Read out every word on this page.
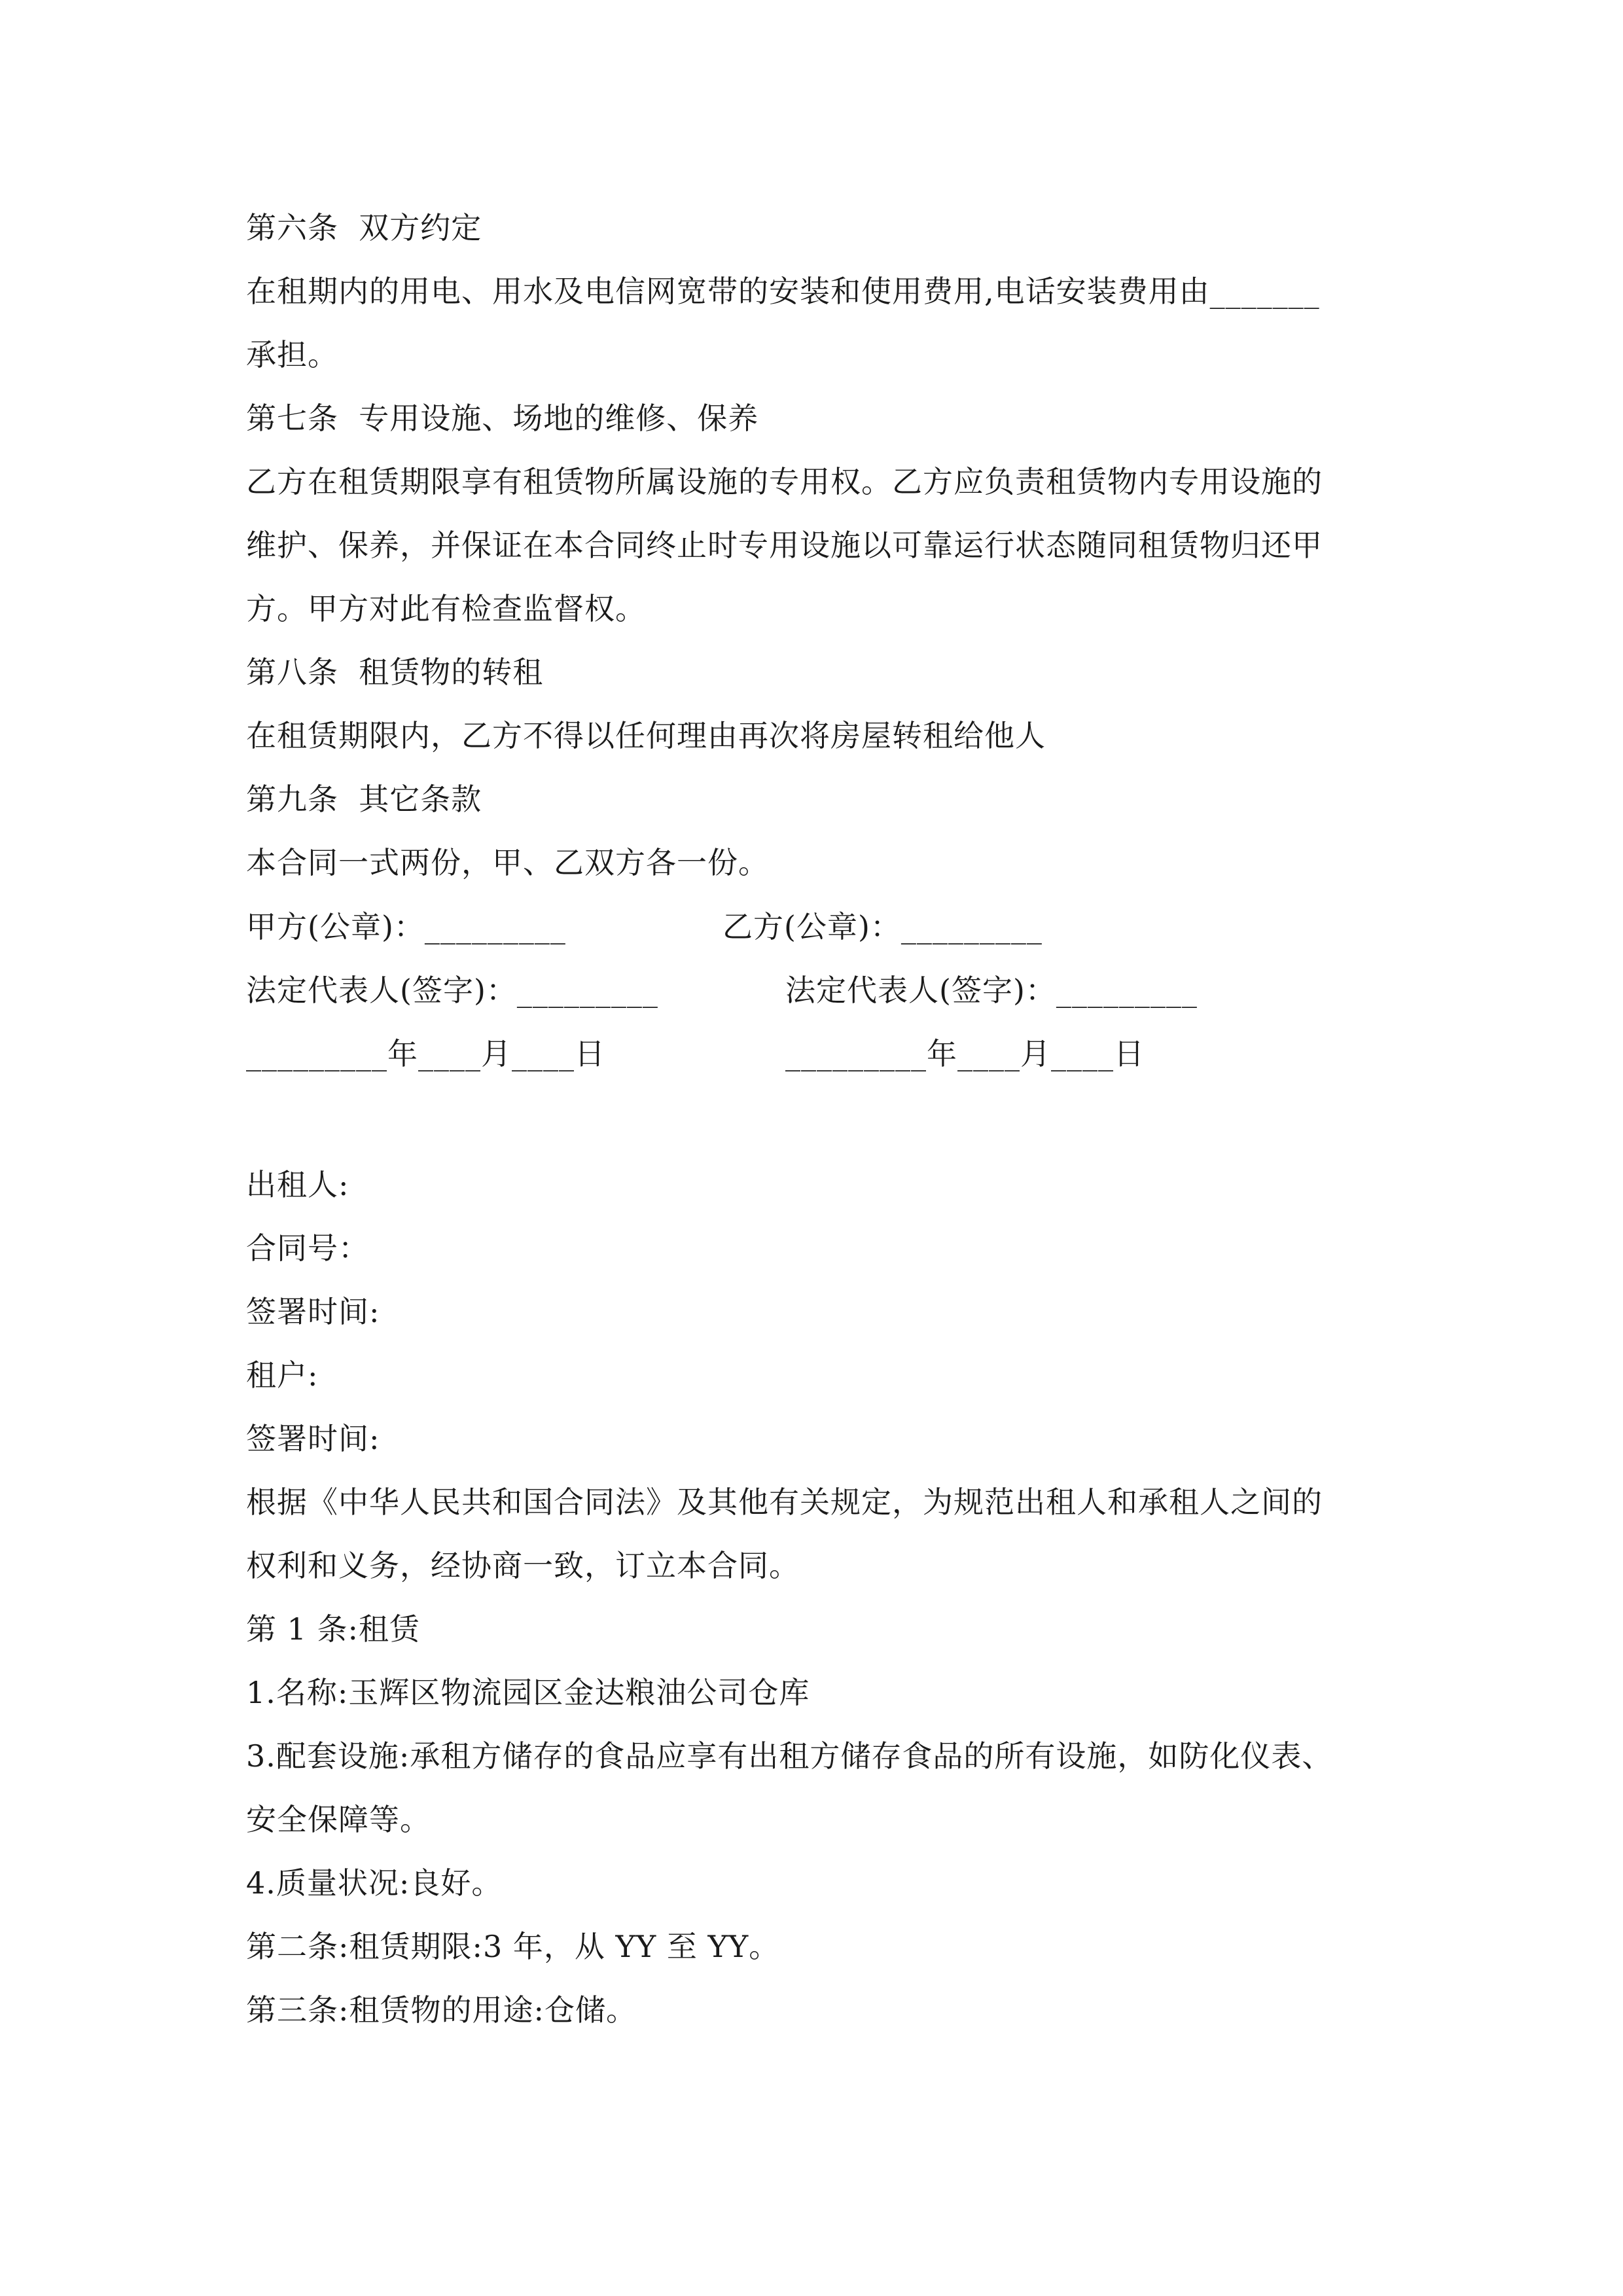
第六条  双方约定
在租期内的用电、用水及电信网宽带的安装和使用费用,电话安装费用由_______
承担。
第七条  专用设施、场地的维修、保养
乙方在租赁期限享有租赁物所属设施的专用权。乙方应负责租赁物内专用设施的
维护、保养，并保证在本合同终止时专用设施以可靠运行状态随同租赁物归还甲
方。甲方对此有检查监督权。
第八条  租赁物的转租
在租赁期限内，乙方不得以任何理由再次将房屋转租给他人
第九条  其它条款
本合同一式两份，甲、乙双方各一份。
甲方(公章)：_________	乙方(公章)：_________
法定代表人(签字)：_________	法定代表人(签字)：_________
_________年____月____日	_________年____月____日
出租人:
合同号：
签署时间:
租户:
签署时间:
根据《中华人民共和国合同法》及其他有关规定，为规范出租人和承租人之间的
权利和义务，经协商一致，订立本合同。
第 1 条:租赁
1.名称:玉辉区物流园区金达粮油公司仓库
3.配套设施:承租方储存的食品应享有出租方储存食品的所有设施，如防化仪表、
安全保障等。
4.质量状况:良好。
第二条:租赁期限:3 年，从 YY 至 YY。
第三条:租赁物的用途:仓储。
